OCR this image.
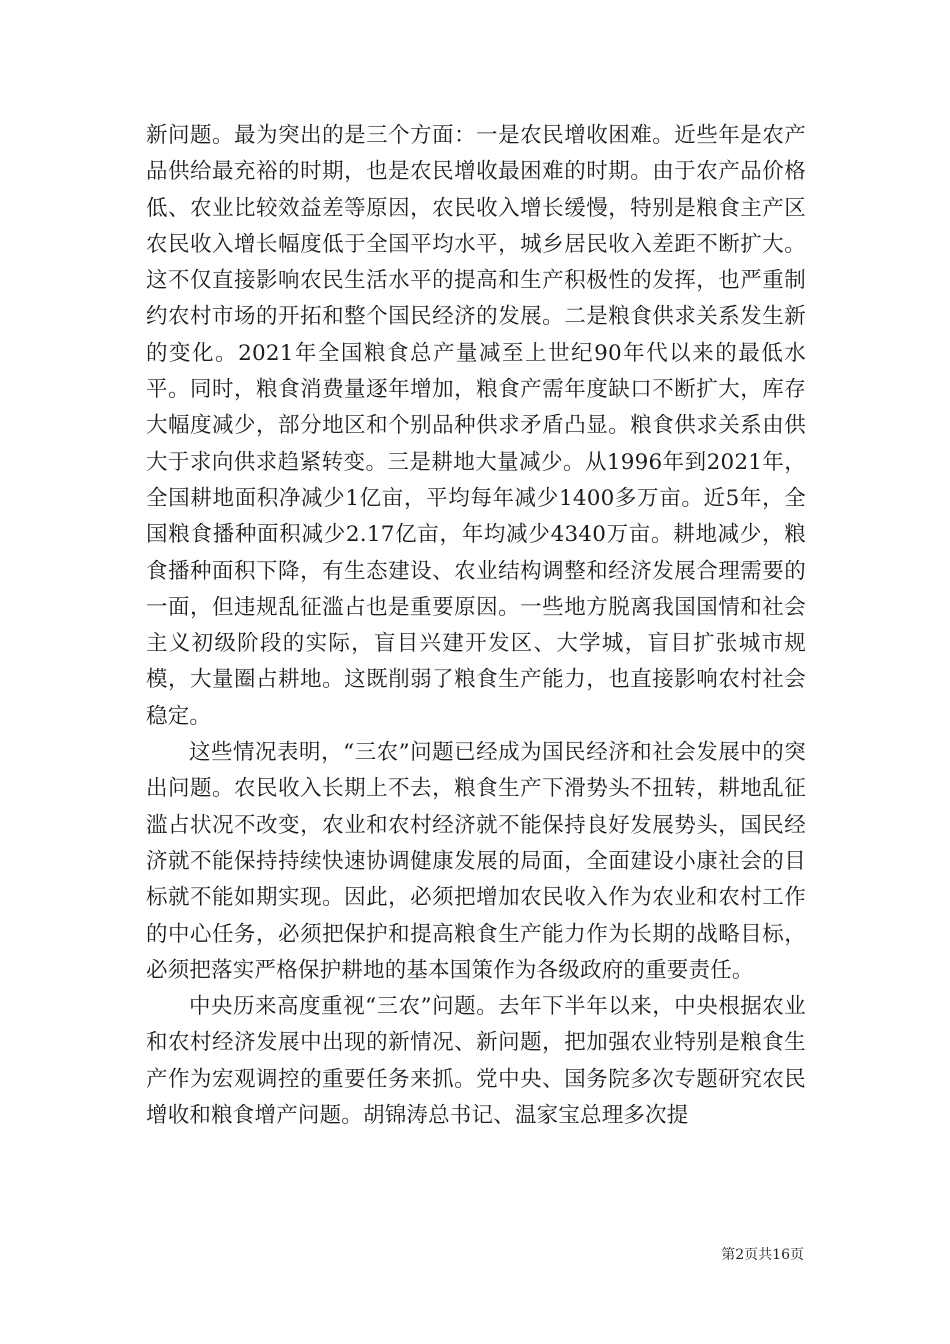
新问题。最为突出的是三个方面：一是农民增收困难。近些年是农产品供给最充裕的时期，也是农民增收最困难的时期。由于农产品价格低、农业比较效益差等原因，农民收入增长缓慢，特别是粮食主产区农民收入增长幅度低于全国平均水平，城乡居民收入差距不断扩大。这不仅直接影响农民生活水平的提高和生产积极性的发挥，也严重制约农村市场的开拓和整个国民经济的发展。二是粮食供求关系发生新的变化。2021年全国粮食总产量减至上世纪90年代以来的最低水平。同时，粮食消费量逐年增加，粮食产需年度缺口不断扩大，库存大幅度减少，部分地区和个别品种供求矛盾凸显。粮食供求关系由供大于求向供求趋紧转变。三是耕地大量减少。从1996年到2021年，全国耕地面积净减少1亿亩，平均每年减少1400多万亩。近5年，全国粮食播种面积减少2.17亿亩，年均减少4340万亩。耕地减少，粮食播种面积下降，有生态建设、农业结构调整和经济发展合理需要的一面，但违规乱征滥占也是重要原因。一些地方脱离我国国情和社会主义初级阶段的实际，盲目兴建开发区、大学城，盲目扩张城市规模，大量圈占耕地。这既削弱了粮食生产能力，也直接影响农村社会稳定。

这些情况表明，“三农”问题已经成为国民经济和社会发展中的突出问题。农民收入长期上不去，粮食生产下滑势头不扭转，耕地乱征滥占状况不改变，农业和农村经济就不能保持良好发展势头，国民经济就不能保持持续快速协调健康发展的局面，全面建设小康社会的目标就不能如期实现。因此，必须把增加农民收入作为农业和农村工作的中心任务，必须把保护和提高粮食生产能力作为长期的战略目标，必须把落实严格保护耕地的基本国策作为各级政府的重要责任。

中央历来高度重视“三农”问题。去年下半年以来，中央根据农业和农村经济发展中出现的新情况、新问题，把加强农业特别是粮食生产作为宏观调控的重要任务来抓。党中央、国务院多次专题研究农民增收和粮食增产问题。胡锦涛总书记、温家宝总理多次提

第2页共16页
